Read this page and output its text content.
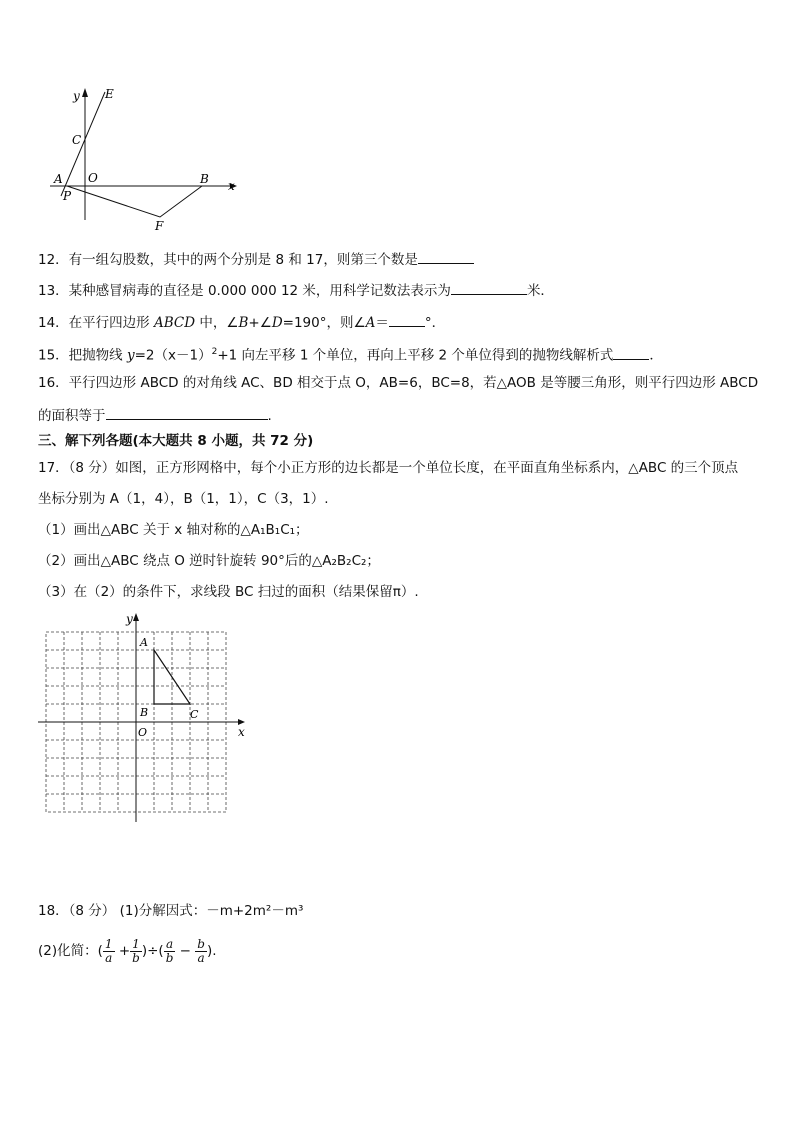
y E
C
A O	B x
P
F
12．有一组勾股数，其中的两个分别是 8 和 17，则第三个数是
13．某种感冒病毒的直径是 0.000 000 12 米，用科学记数法表示为	米．
14．在平行四边形 ABCD 中，∠B+∠D=190°，则∠A＝	°．
15．把抛物线 $y=2(x-1)^2+1$ 向左平移 1 个单位，再向上平移 2 个单位得到的抛物线解析式	．
16．平行四边形 ABCD 的对角线 AC、BD 相交于点 O，AB=6，BC=8，若△AOB 是等腰三角形，则平行四边形 ABCD
的面积等于	.
三、解下列各题(本大题共 8 小题，共 72 分)
17．（8 分）如图，正方形网格中，每个小正方形的边长都是一个单位长度，在平面直角坐标系内，△ABC 的三个顶点
坐标分别为 A（1，4），B（1，1），C（3，1）.
（1）画出△ABC 关于 x 轴对称的△A₁B₁C₁；
（2）画出△ABC 绕点 O 逆时针旋转 90°后的△A₂B₂C₂；
（3）在（2）的条件下，求线段 BC 扫过的面积（结果保留π）.
y
A
B	C
O	x
18．（8 分） (1)分解因式：－m+2m²－m³
(2)化简：( $\frac{1}{a} + \frac{1}{b}$ )÷( $\frac{a}{b} - \frac{b}{a}$ ).
